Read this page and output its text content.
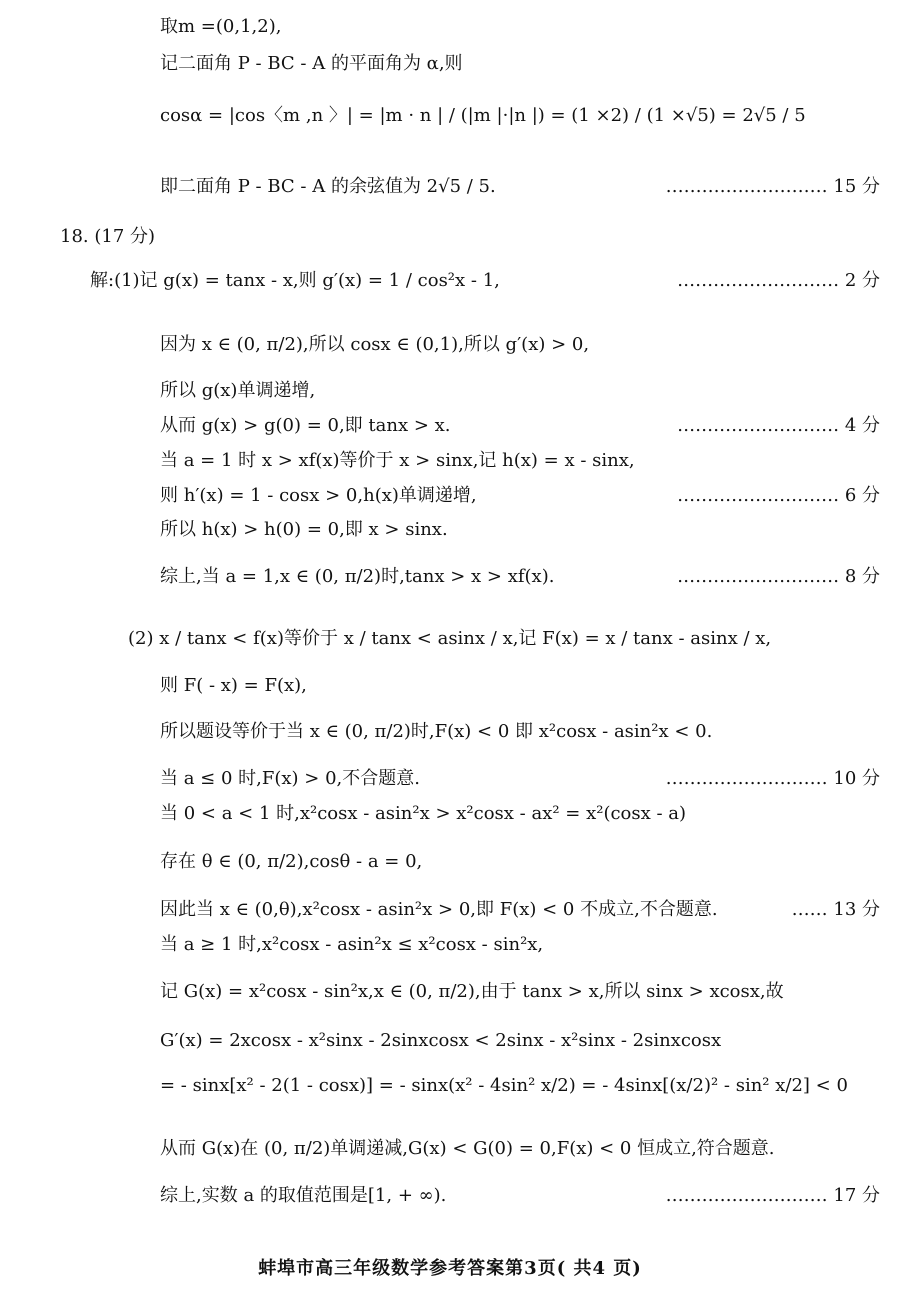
取m =(0,1,2),
记二面角 P - BC - A 的平面角为 α,则
cosα = |cos〈m ,n 〉| = |m · n | / (|m |·|n |) = (1 ×2) / (1 ×√5) = 2√5 / 5
即二面角 P - BC - A 的余弦值为 2√5 / 5.	……………………… 15 分
18. (17 分)
解:(1)记 g(x) = tanx - x,则 g′(x) = 1 / cos²x - 1,	……………………… 2 分
因为 x ∈ (0, π/2),所以 cosx ∈ (0,1),所以 g′(x) > 0,
所以 g(x)单调递增,
从而 g(x) > g(0) = 0,即 tanx > x.	……………………… 4 分
当 a = 1 时 x > xf(x)等价于 x > sinx,记 h(x) = x - sinx,
则 h′(x) = 1 - cosx > 0,h(x)单调递增,	……………………… 6 分
所以 h(x) > h(0) = 0,即 x > sinx.
综上,当 a = 1,x ∈ (0, π/2)时,tanx > x > xf(x).	……………………… 8 分
(2) x / tanx < f(x)等价于 x / tanx < asinx / x,记 F(x) = x / tanx - asinx / x,
则 F( - x) = F(x),
所以题设等价于当 x ∈ (0, π/2)时,F(x) < 0 即 x²cosx - asin²x < 0.
当 a ≤ 0 时,F(x) > 0,不合题意.	……………………… 10 分
当 0 < a < 1 时,x²cosx - asin²x > x²cosx - ax² = x²(cosx - a)
存在 θ ∈ (0, π/2),cosθ - a = 0,
因此当 x ∈ (0,θ),x²cosx - asin²x > 0,即 F(x) < 0 不成立,不合题意.	…… 13 分
当 a ≥ 1 时,x²cosx - asin²x ≤ x²cosx - sin²x,
记 G(x) = x²cosx - sin²x,x ∈ (0, π/2),由于 tanx > x,所以 sinx > xcosx,故
G′(x) = 2xcosx - x²sinx - 2sinxcosx < 2sinx - x²sinx - 2sinxcosx
= - sinx[x² - 2(1 - cosx)] = - sinx(x² - 4sin² x/2) = - 4sinx[(x/2)² - sin² x/2] < 0
从而 G(x)在 (0, π/2)单调递减,G(x) < G(0) = 0,F(x) < 0 恒成立,符合题意.
综上,实数 a 的取值范围是[1, + ∞).	……………………… 17 分
蚌埠市高三年级数学参考答案第3页( 共4 页)
